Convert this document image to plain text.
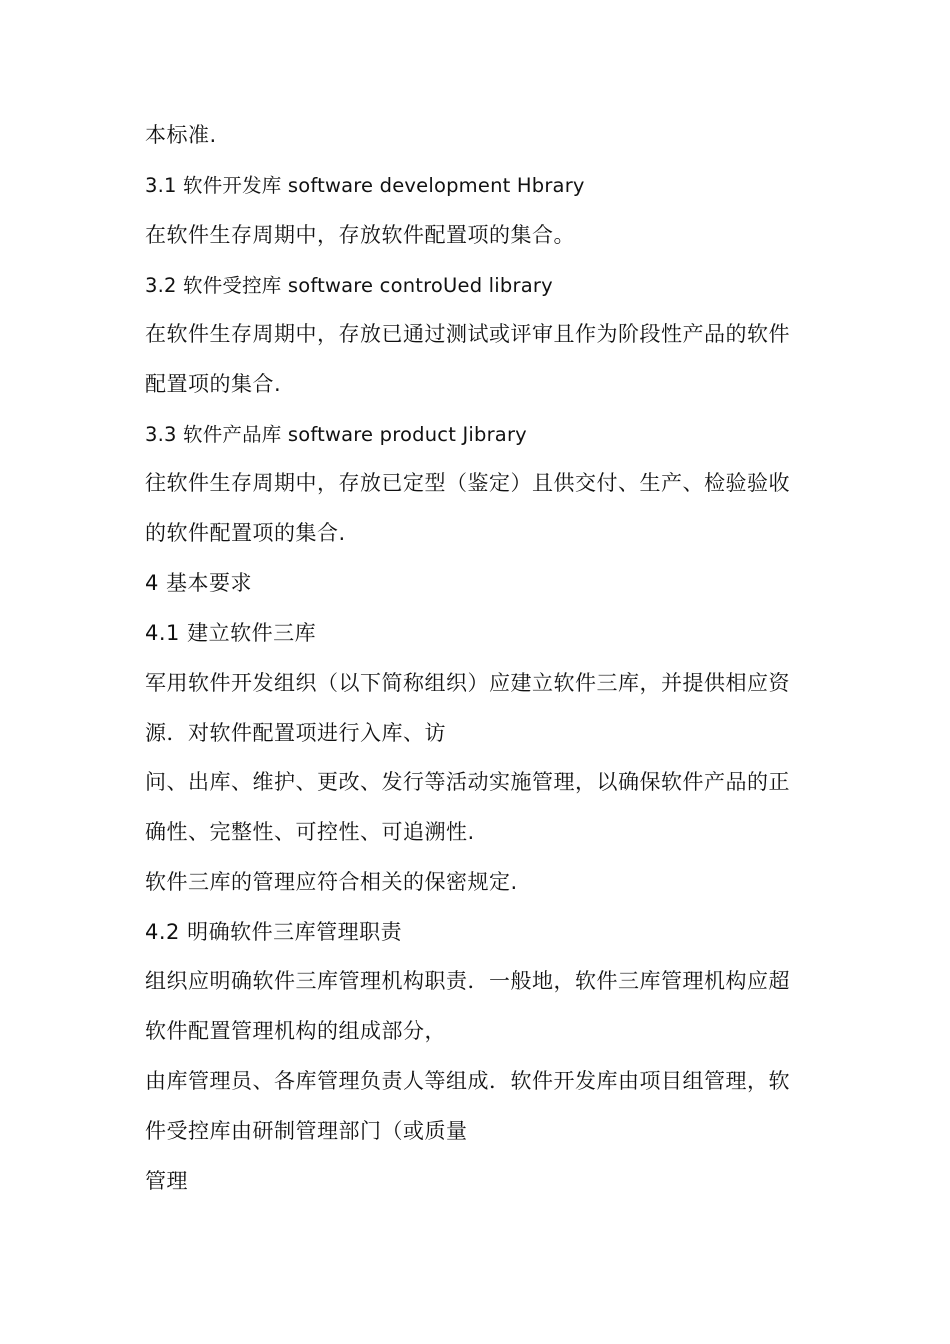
本标准.
3.1 软件开发库 software development Hbrary
在软件生存周期中，存放软件配置项的集合。
3.2 软件受控库 software controUed library
在软件生存周期中，存放已通过测试或评审且作为阶段性产品的软件
配置项的集合.
3.3 软件产品库 software product Jibrary
往软件生存周期中，存放已定型（鉴定）且供交付、生产、检验验收
的软件配置项的集合.
4 基本要求
4.1 建立软件三库
军用软件开发组织（以下简称组织）应建立软件三库，并提供相应资
源．对软件配置项进行入库、访
问、出库、维护、更改、发行等活动实施管理，以确保软件产品的正
确性、完整性、可控性、可追溯性.
软件三库的管理应符合相关的保密规定.
4.2 明确软件三库管理职责
组织应明确软件三库管理机构职责．一般地，软件三库管理机构应超
软件配置管理机构的组成部分，
由库管理员、各库管理负责人等组成．软件开发库由项目组管理，软
件受控库由研制管理部门（或质量
管理
